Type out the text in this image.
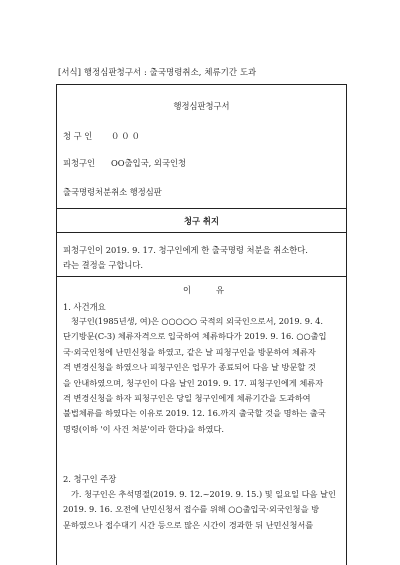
[서식] 행정심판청구서 : 출국명령취소, 체류기간 도과
행정심판청구서
청 구 인 ０００
피청구인 OO출입국, 외국인청
출국명령처분취소 행정심판
청구 취지
피청구인이 2019. 9. 17. 청구인에게 한 출국명령 처분을 취소한다.
라는 결정을 구합니다.
이	유
1. 사건개요

청구인(1985년생, 여)은 ○○○○○ 국적의 외국인으로서, 2019. 9. 4.

단기방문(C-3) 체류자격으로 입국하여 체류하다가 2019. 9. 16. ○○출입

국·외국인청에 난민신청을 하였고, 같은 날 피청구인을 방문하여 체류자

격 변경신청을 하였으나 피청구인은 업무가 종료되어 다음 날 방문할 것

을 안내하였으며, 청구인이 다음 날인 2019. 9. 17. 피청구인에게 체류자

격 변경신청을 하자 피청구인은 당일 청구인에게 체류기간을 도과하여

불법체류를 하였다는 이유로 2019. 12. 16.까지 출국할 것을 명하는 출국

명령(이하 '이 사건 처분'이라 한다)을 하였다.

2. 청구인 주장

가. 청구인은 추석명절(2019. 9. 12.~2019. 9. 15.) 및 일요일 다음 날인

2019. 9. 16. 오전에 난민신청서 접수를 위해 ○○출입국·외국인청을 방

문하였으나 접수대기 시간 등으로 많은 시간이 경과한 뒤 난민신청서를
